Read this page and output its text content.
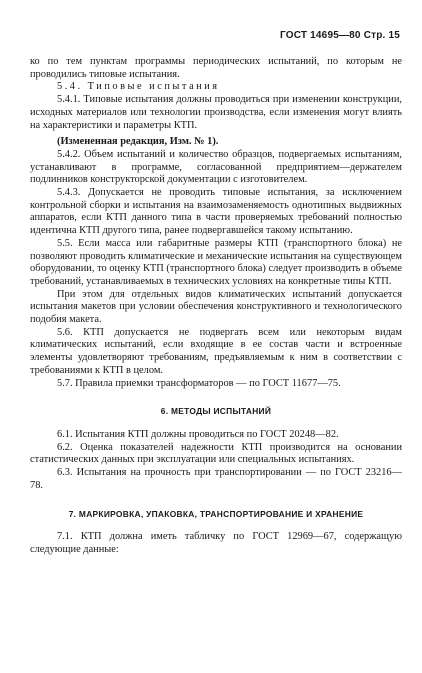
ГОСТ 14695—80 Стр. 15

ко по тем пунктам программы периодических испытаний, по которым не проводились типовые испытания.

5.4. Типовые испытания

5.4.1. Типовые испытания должны проводиться при изменении конструкции, исходных материалов или технологии производства, если изменения могут влиять на характеристики и параметры КТП.

(Измененная редакция, Изм. № 1).

5.4.2. Объем испытаний и количество образцов, подвергаемых испытаниям, устанавливают в программе, согласованной предприятием—держателем подлинников конструкторской документации с изготовителем.

5.4.3. Допускается не проводить типовые испытания, за исключением контрольной сборки и испытания на взаимозаменяемость однотипных выдвижных аппаратов, если КТП данного типа в части проверяемых требований полностью идентична КТП другого типа, ранее подвергавшейся такому испытанию.

5.5. Если масса или габаритные размеры КТП (транспортного блока) не позволяют проводить климатические и механические испытания на существующем оборудовании, то оценку КТП (транспортного блока) следует производить в объеме требований, устанавливаемых в технических условиях на конкретные типы КТП.

При этом для отдельных видов климатических испытаний допускается испытания макетов при условии обеспечения конструктивного и технологического подобия макета.

5.6. КТП допускается не подвергать всем или некоторым видам климатических испытаний, если входящие в ее состав части и встроенные элементы удовлетворяют требованиям, предъявляемым к ним в соответствии с требованиями к КТП в целом.

5.7. Правила приемки трансформаторов — по ГОСТ 11677—75.

6. МЕТОДЫ ИСПЫТАНИЙ

6.1. Испытания КТП должны проводиться по ГОСТ 20248—82.

6.2. Оценка показателей надежности КТП производится на основании статистических данных при эксплуатации или специальных испытаниях.

6.3. Испытания на прочность при транспортировании — по ГОСТ 23216—78.

7. МАРКИРОВКА, УПАКОВКА, ТРАНСПОРТИРОВАНИЕ И ХРАНЕНИЕ

7.1. КТП должна иметь табличку по ГОСТ 12969—67, содержащую следующие данные:
